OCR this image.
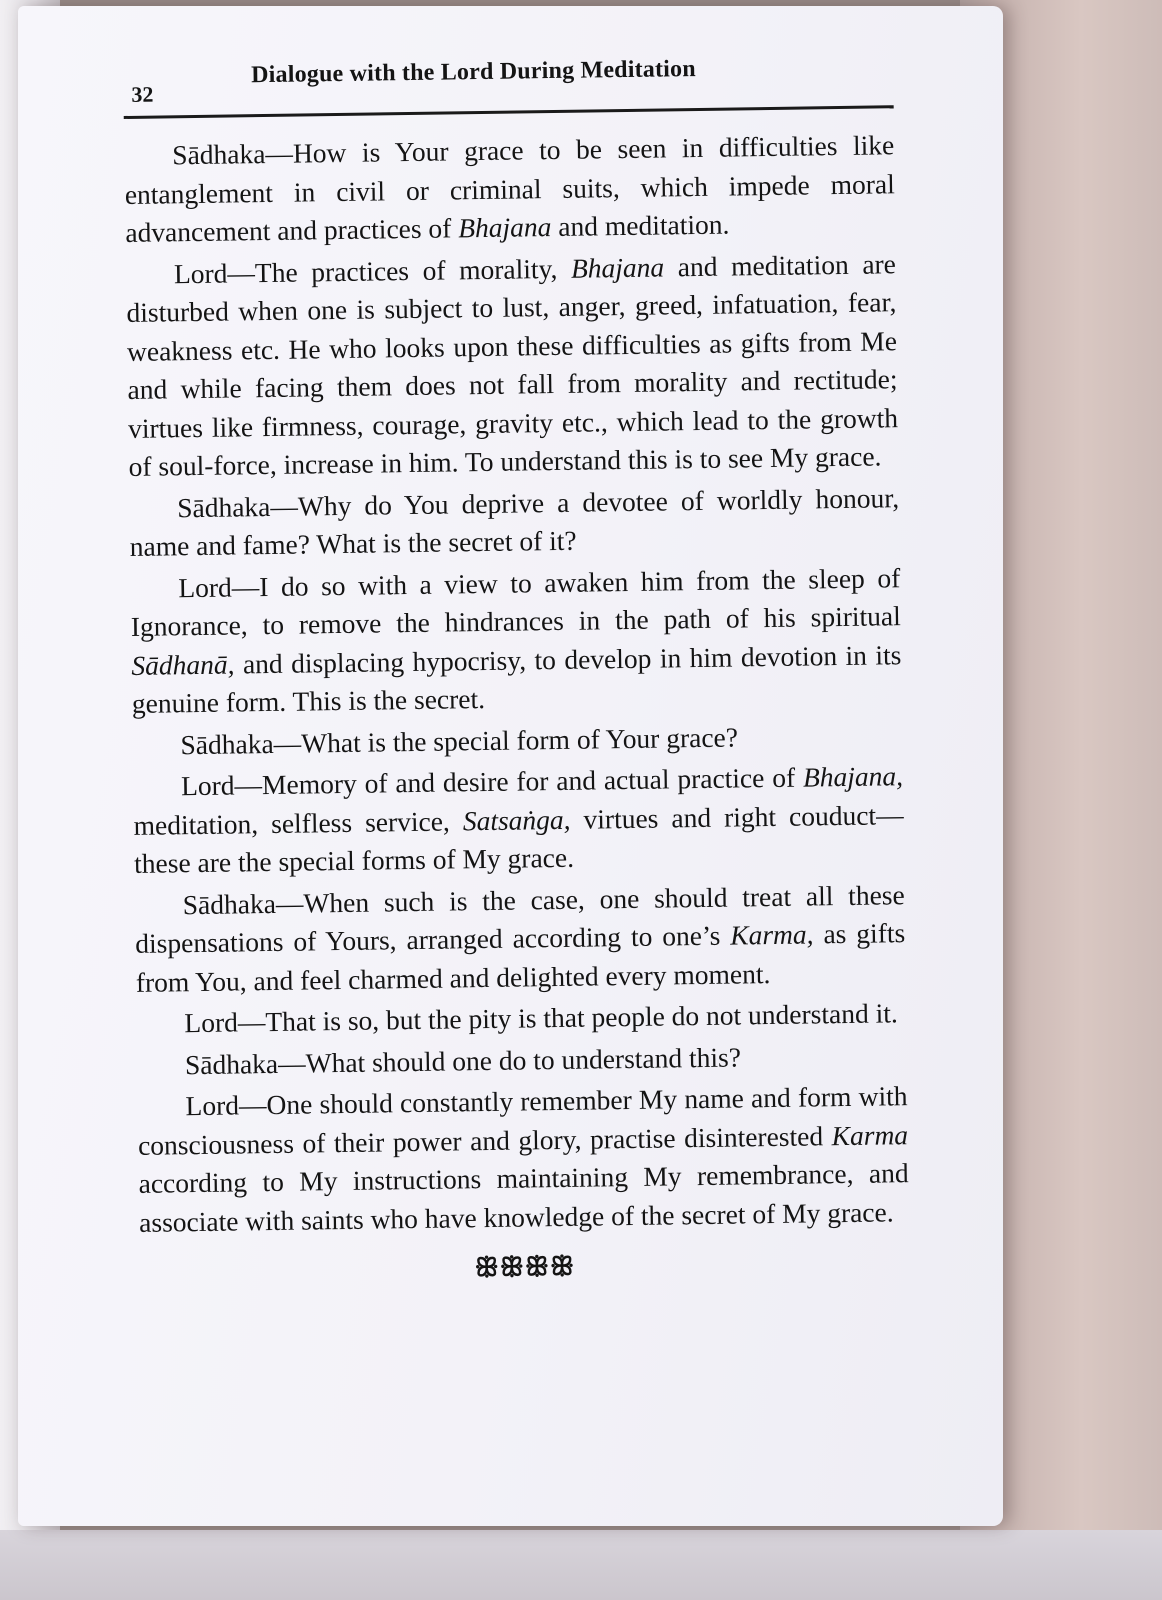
32
Dialogue with the Lord During Meditation

Sādhaka—How is Your grace to be seen in difficulties like entanglement in civil or criminal suits, which impede moral advancement and practices of Bhajana and meditation.

Lord—The practices of morality, Bhajana and meditation are disturbed when one is subject to lust, anger, greed, infatuation, fear, weakness etc. He who looks upon these difficulties as gifts from Me and while facing them does not fall from morality and rectitude; virtues like firmness, courage, gravity etc., which lead to the growth of soul-force, increase in him. To understand this is to see My grace.

Sādhaka—Why do You deprive a devotee of worldly honour, name and fame? What is the secret of it?

Lord—I do so with a view to awaken him from the sleep of Ignorance, to remove the hindrances in the path of his spiritual Sādhanā, and displacing hypocrisy, to develop in him devotion in its genuine form. This is the secret.

Sādhaka—What is the special form of Your grace?

Lord—Memory of and desire for and actual practice of Bhajana, meditation, selfless service, Satsaṅga, virtues and right couduct—these are the special forms of My grace.

Sādhaka—When such is the case, one should treat all these dispensations of Yours, arranged according to one’s Karma, as gifts from You, and feel charmed and delighted every moment.

Lord—That is so, but the pity is that people do not understand it.

Sādhaka—What should one do to understand this?

Lord—One should constantly remember My name and form with consciousness of their power and glory, practise disinterested Karma according to My instructions maintaining My remembrance, and associate with saints who have knowledge of the secret of My grace.

ꕥꕥꕥꕥ
